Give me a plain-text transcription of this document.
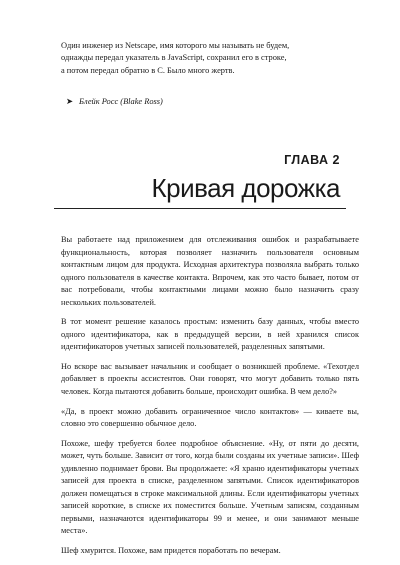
Один инженер из Netscape, имя которого мы называть не будем,

однажды передал указатель в JavaScript, сохранил его в строке,

а потом передал обратно в С. Было много жертв.

➤ Блейк Росс (Blake Ross)
ГЛАВА 2
Кривая дорожка

Вы работаете над приложением для отслеживания ошибок и разрабатываете функциональность, которая позволяет назначить пользователя основным контактным лицом для продукта. Исходная архитектура позволяла выбрать только одного пользователя в качестве контакта. Впрочем, как это часто бывает, потом от вас потребовали, чтобы контактными лицами можно было назначить сразу нескольких пользователей.

В тот момент решение казалось простым: изменить базу данных, чтобы вместо одного идентификатора, как в предыдущей версии, в ней хранился список идентификаторов учетных записей пользователей, разделенных запятыми.

Но вскоре вас вызывает начальник и сообщает о возникшей проблеме. «Техотдел добавляет в проекты ассистентов. Они говорят, что могут добавить только пять человек. Когда пытаются добавить больше, происходит ошибка. В чем дело?»

«Да, в проект можно добавить ограниченное число контактов» — киваете вы, словно это совершенно обычное дело.

Похоже, шефу требуется более подробное объяснение. «Ну, от пяти до десяти, может, чуть больше. Зависит от того, когда были созданы их учетные записи». Шеф удивленно поднимает брови. Вы продолжаете: «Я храню идентификаторы учетных записей для проекта в списке, разделенном запятыми. Список идентификаторов должен помещаться в строке максимальной длины. Если идентификаторы учетных записей короткие, в списке их поместится больше. Учетным записям, созданным первыми, назначаются идентификаторы 99 и менее, и они занимают меньше места».

Шеф хмурится. Похоже, вам придется поработать по вечерам.
